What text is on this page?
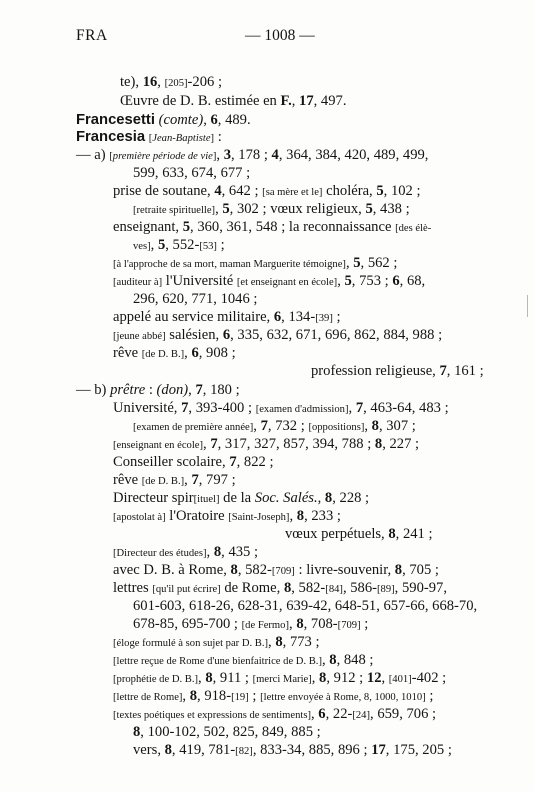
FRA	— 1008 —
te), 16, [205]-206 ;
Œuvre de D. B. estimée en F., 17, 497.
Francesetti (comte), 6, 489.
Francesia [Jean-Baptiste] :
— a) [première période de vie], 3, 178 ; 4, 364, 384, 420, 489, 499,
599, 633, 674, 677 ;
prise de soutane, 4, 642 ; [sa mère et le] choléra, 5, 102 ;
[retraite spirituelle], 5, 302 ; vœux religieux, 5, 438 ;
enseignant, 5, 360, 361, 548 ; la reconnaissance [des élè-
ves], 5, 552-[53] ;
[à l'approche de sa mort, maman Marguerite témoigne], 5, 562 ;
[auditeur à] l'Université [et enseignant en école], 5, 753 ; 6, 68,
296, 620, 771, 1046 ;
appelé au service militaire, 6, 134-[39] ;
[jeune abbé] salésien, 6, 335, 632, 671, 696, 862, 884, 988 ;
rêve [de D. B.], 6, 908 ;
profession religieuse, 7, 161 ;
— b) prêtre : (don), 7, 180 ;
Université, 7, 393-400 ; [examen d'admission], 7, 463-64, 483 ;
[examen de première année], 7, 732 ; [oppositions], 8, 307 ;
[enseignant en école], 7, 317, 327, 857, 394, 788 ; 8, 227 ;
Conseiller scolaire, 7, 822 ;
rêve [de D. B.], 7, 797 ;
Directeur spir[ituel] de la Soc. Salés., 8, 228 ;
[apostolat à] l'Oratoire [Saint-Joseph], 8, 233 ;
vœux perpétuels, 8, 241 ;
[Directeur des études], 8, 435 ;
avec D. B. à Rome, 8, 582-[709] : livre-souvenir, 8, 705 ;
lettres [qu'il put écrire] de Rome, 8, 582-[84], 586-[89], 590-97,
601-603, 618-26, 628-31, 639-42, 648-51, 657-66, 668-70,
678-85, 695-700 ; [de Fermo], 8, 708-[709] ;
[éloge formulé à son sujet par D. B.], 8, 773 ;
[lettre reçue de Rome d'une bienfaitrice de D. B.], 8, 848 ;
[prophétie de D. B.], 8, 911 ; [merci Marie], 8, 912 ; 12, [401]-402 ;
[lettre de Rome], 8, 918-[19] ; [lettre envoyée à Rome, 8, 1000, 1010] ;
[textes poétiques et expressions de sentiments], 6, 22-[24], 659, 706 ;
8, 100-102, 502, 825, 849, 885 ;
vers, 8, 419, 781-[82], 833-34, 885, 896 ; 17, 175, 205 ;
